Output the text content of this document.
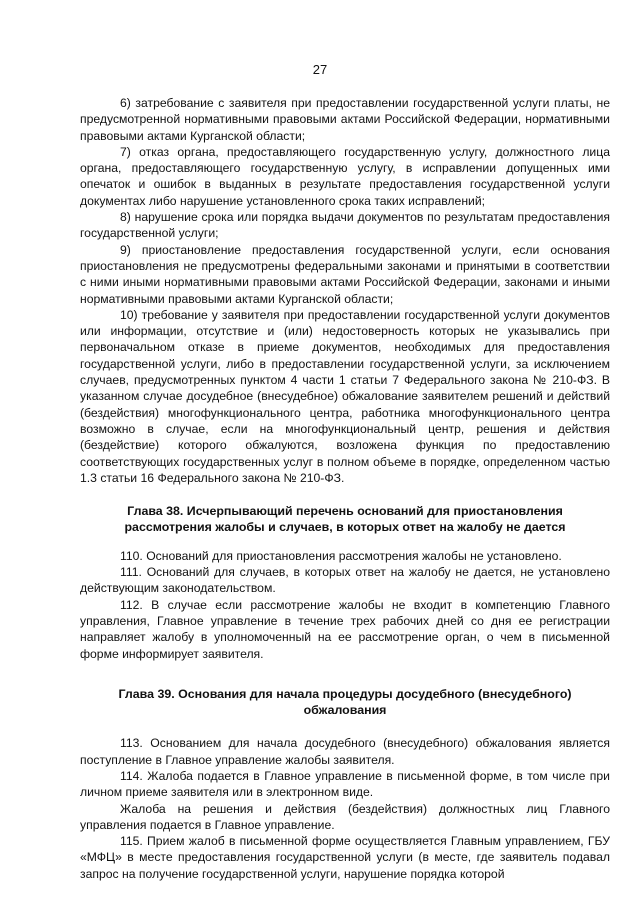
27

6) затребование с заявителя при предоставлении государственной услуги платы, не предусмотренной нормативными правовыми актами Российской Федерации, нормативными правовыми актами Курганской области;

7) отказ органа, предоставляющего государственную услугу, должностного лица органа, предоставляющего государственную услугу, в исправлении допущенных ими опечаток и ошибок в выданных в результате предоставления государственной услуги документах либо нарушение установленного срока таких исправлений;

8) нарушение срока или порядка выдачи документов по результатам предоставления государственной услуги;

9) приостановление предоставления государственной услуги, если основания приостановления не предусмотрены федеральными законами и принятыми в соответствии с ними иными нормативными правовыми актами Российской Федерации, законами и иными нормативными правовыми актами Курганской области;

10) требование у заявителя при предоставлении государственной услуги документов или информации, отсутствие и (или) недостоверность которых не указывались при первоначальном отказе в приеме документов, необходимых для предоставления государственной услуги, либо в предоставлении государственной услуги, за исключением случаев, предусмотренных пунктом 4 части 1 статьи 7 Федерального закона № 210-ФЗ. В указанном случае досудебное (внесудебное) обжалование заявителем решений и действий (бездействия) многофункционального центра, работника многофункционального центра возможно в случае, если на многофункциональный центр, решения и действия (бездействие) которого обжалуются, возложена функция по предоставлению соответствующих государственных услуг в полном объеме в порядке, определенном частью 1.3 статьи 16 Федерального закона № 210-ФЗ.

Глава 38. Исчерпывающий перечень оснований для приостановления рассмотрения жалобы и случаев, в которых ответ на жалобу не дается

110. Оснований для приостановления рассмотрения жалобы не установлено.

111. Оснований для случаев, в которых ответ на жалобу не дается, не установлено действующим законодательством.

112. В случае если рассмотрение жалобы не входит в компетенцию Главного управления, Главное управление в течение трех рабочих дней со дня ее регистрации направляет жалобу в уполномоченный на ее рассмотрение орган, о чем в письменной форме информирует заявителя.

Глава 39. Основания для начала процедуры досудебного (внесудебного) обжалования

113. Основанием для начала досудебного (внесудебного) обжалования является поступление в Главное управление жалобы заявителя.

114. Жалоба подается в Главное управление в письменной форме, в том числе при личном приеме заявителя или в электронном виде.

Жалоба на решения и действия (бездействия) должностных лиц Главного управления подается в Главное управление.

115. Прием жалоб в письменной форме осуществляется Главным управлением, ГБУ «МФЦ» в месте предоставления государственной услуги (в месте, где заявитель подавал запрос на получение государственной услуги, нарушение порядка которой
